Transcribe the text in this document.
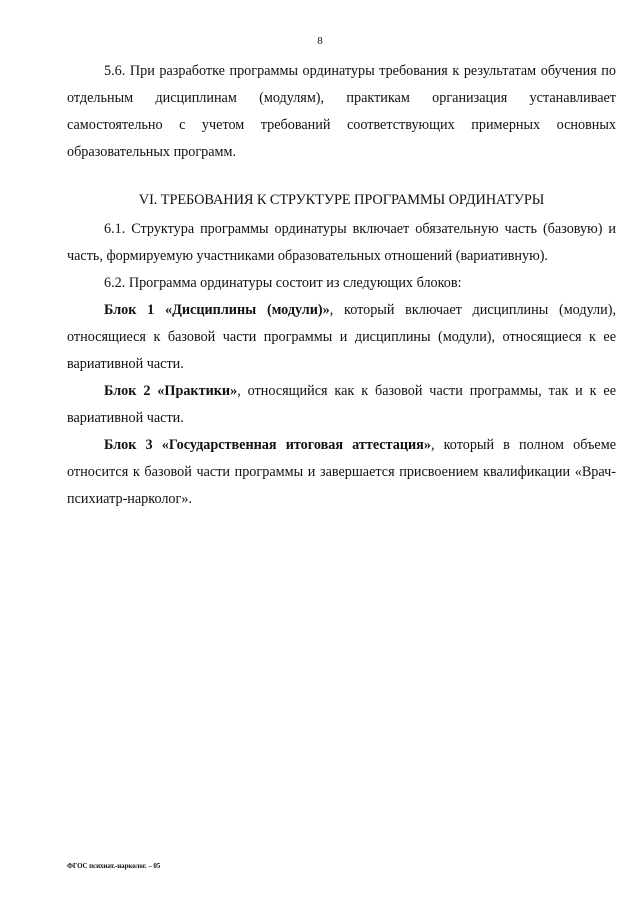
8

5.6. При разработке программы ординатуры требования к результатам обучения по отдельным дисциплинам (модулям), практикам организация устанавливает самостоятельно с учетом требований соответствующих примерных основных образовательных программ.

VI. ТРЕБОВАНИЯ К СТРУКТУРЕ ПРОГРАММЫ ОРДИНАТУРЫ

6.1. Структура программы ординатуры включает обязательную часть (базовую) и часть, формируемую участниками образовательных отношений (вариативную).

6.2. Программа ординатуры состоит из следующих блоков:

Блок 1 «Дисциплины (модули)», который включает дисциплины (модули), относящиеся к базовой части программы и дисциплины (модули), относящиеся к ее вариативной части.

Блок 2 «Практики», относящийся как к базовой части программы, так и к ее вариативной части.

Блок 3 «Государственная итоговая аттестация», который в полном объеме относится к базовой части программы и завершается присвоением квалификации «Врач-психиатр-нарколог».

ФГОС психиат.-нарколог. – 05
